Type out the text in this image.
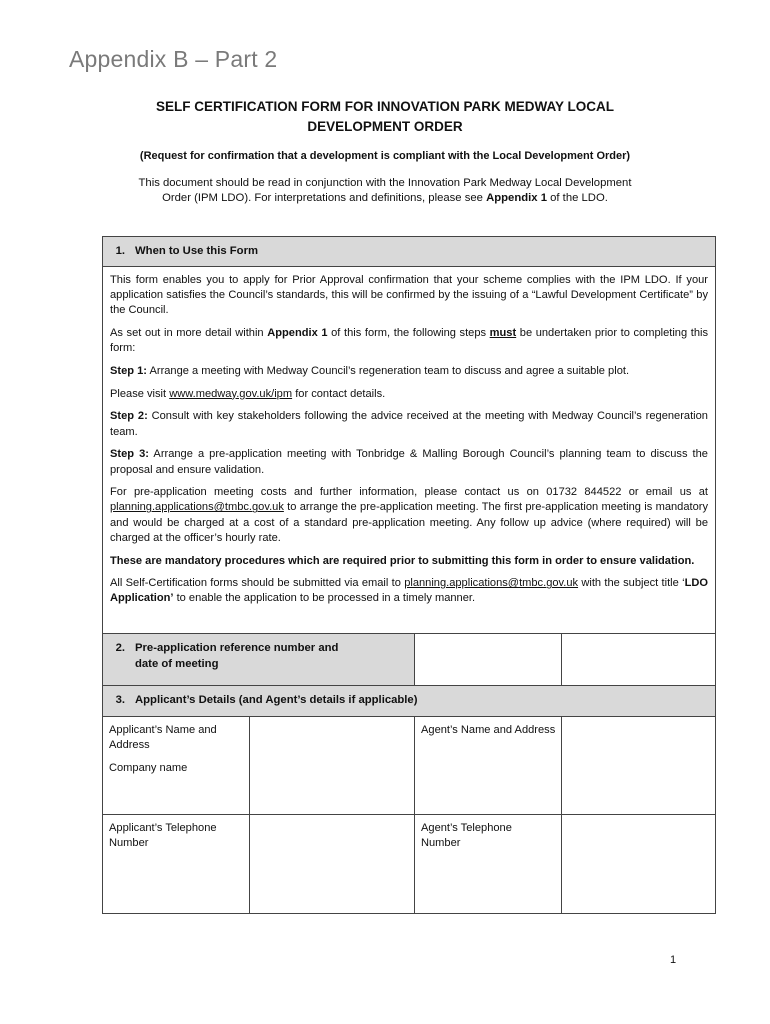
Appendix B – Part 2
SELF CERTIFICATION FORM FOR INNOVATION PARK MEDWAY LOCAL
DEVELOPMENT ORDER
(Request for confirmation that a development is compliant with the Local Development Order)
This document should be read in conjunction with the Innovation Park Medway Local Development
Order (IPM LDO). For interpretations and definitions, please see Appendix 1 of the LDO.
1. When to Use this Form

This form enables you to apply for Prior Approval confirmation that your scheme complies with the IPM LDO. If your application satisfies the Council’s standards, this will be confirmed by the issuing of a “Lawful Development Certificate” by the Council.

As set out in more detail within Appendix 1 of this form, the following steps must be undertaken prior to completing this form:

Step 1: Arrange a meeting with Medway Council’s regeneration team to discuss and agree a suitable plot.

Please visit www.medway.gov.uk/ipm for contact details.

Step 2: Consult with key stakeholders following the advice received at the meeting with Medway Council’s regeneration team.

Step 3: Arrange a pre-application meeting with Tonbridge & Malling Borough Council’s planning team to discuss the proposal and ensure validation.

For pre-application meeting costs and further information, please contact us on 01732 844522 or email us at planning.applications@tmbc.gov.uk to arrange the pre-application meeting. The first pre-application meeting is mandatory and would be charged at a cost of a standard pre-application meeting. Any follow up advice (where required) will be charged at the officer’s hourly rate.

These are mandatory procedures which are required prior to submitting this form in order to ensure validation.

All Self-Certification forms should be submitted via email to planning.applications@tmbc.gov.uk with the subject title ‘LDO Application’ to enable the application to be processed in a timely manner.

2. Pre-application reference number and
date of meeting
3. Applicant’s Details (and Agent’s details if applicable)
Applicant’s Name and Address
Company name
Agent’s Name and Address
Applicant’s Telephone Number
Agent’s Telephone Number
1
